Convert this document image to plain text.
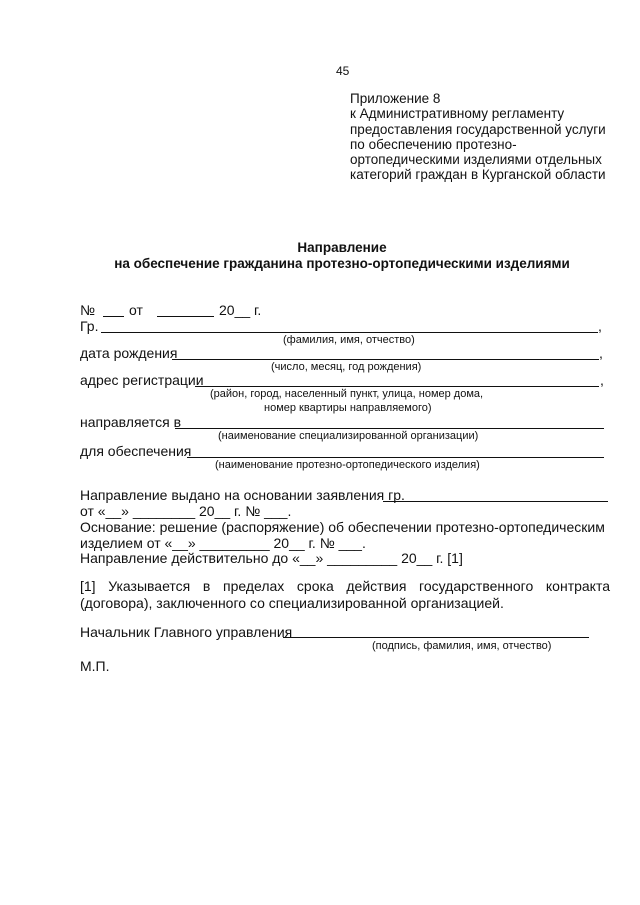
45
Приложение 8
к Административному регламенту
предоставления государственной услуги
по обеспечению протезно-
ортопедическими изделиями отдельных
категорий граждан в Курганской области
Направление
на обеспечение гражданина протезно-ортопедическими изделиями
№ от	20__ г.
Гр.	,
(фамилия, имя, отчество)
дата рождения	,
(число, месяц, год рождения)
адрес регистрации	,
(район, город, населенный пункт, улица, номер дома,
номер квартиры направляемого)
направляется в
(наименование специализированной организации)
для обеспечения
(наименование протезно-ортопедического изделия)
Направление выдано на основании заявления гр.
от «__» ________ 20__ г. № ___.
Основание: решение (распоряжение) об обеспечении протезно-ортопедическим
изделием от «__» _________ 20__ г. № ___.
Направление действительно до «__» _________ 20__ г. [1]
[1] Указывается в пределах срока действия государственного контракта (договора), заключенного со специализированной организацией.
Начальник Главного управления
(подпись, фамилия, имя, отчество)
М.П.
